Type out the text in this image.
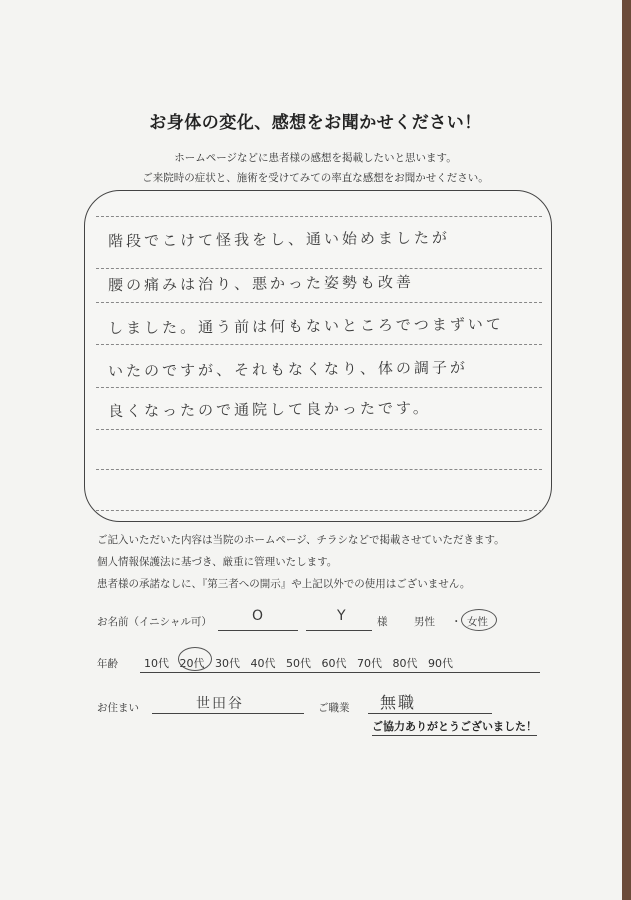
お身体の変化、感想をお聞かせください！
ホームページなどに患者様の感想を掲載したいと思います。
ご来院時の症状と、施術を受けてみての率直な感想をお聞かせください。
階段でこけて怪我をし、通い始めましたが
腰の痛みは治り、悪かった姿勢も改善
しました。通う前は何もないところでつまずいて
いたのですが、それもなくなり、体の調子が
良くなったので通院して良かったです。
ご記入いただいた内容は当院のホームページ、チラシなどで掲載させていただきます。
個人情報保護法に基づき、厳重に管理いたします。
患者様の承諾なしに、『第三者への開示』や上記以外での使用はございません。
お名前（イニシャル可）	O	Y	様	男性 ・ 女性
年齢 10代 20代 30代 40代 50代 60代 70代 80代 90代
お住まい	世田谷	ご職業 無職
ご協力ありがとうございました！
